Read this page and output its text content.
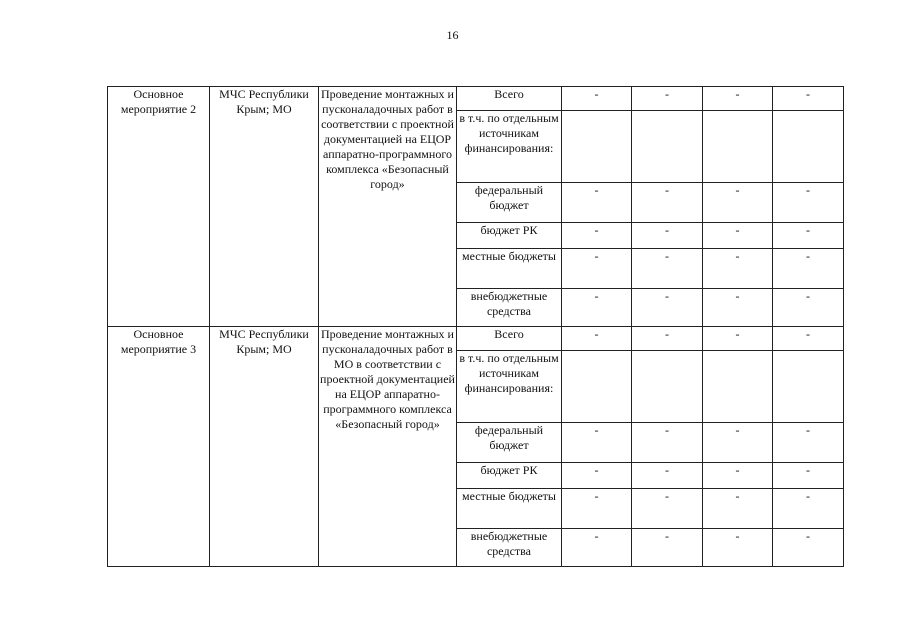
16
Основное мероприятие 2	МЧС Республики Крым; МО	Проведение монтажных и пусконаладочных работ в соответствии с проектной документацией на ЕЦОР аппаратно-программного комплекса «Безопасный город»	Всего	-	-	-	-
			в т.ч. по отдельным источникам финансирования:				
			федеральный бюджет	-	-	-	-
			бюджет РК	-	-	-	-
			местные бюджеты	-	-	-	-
			внебюджетные средства	-	-	-	-
Основное мероприятие 3	МЧС Республики Крым; МО	Проведение монтажных и пусконаладочных работ в МО в соответствии с проектной документацией на ЕЦОР аппаратно-программного комплекса «Безопасный город»	Всего	-	-	-	-
			в т.ч. по отдельным источникам финансирования:				
			федеральный бюджет	-	-	-	-
			бюджет РК	-	-	-	-
			местные бюджеты	-	-	-	-
			внебюджетные средства	-	-	-	-
